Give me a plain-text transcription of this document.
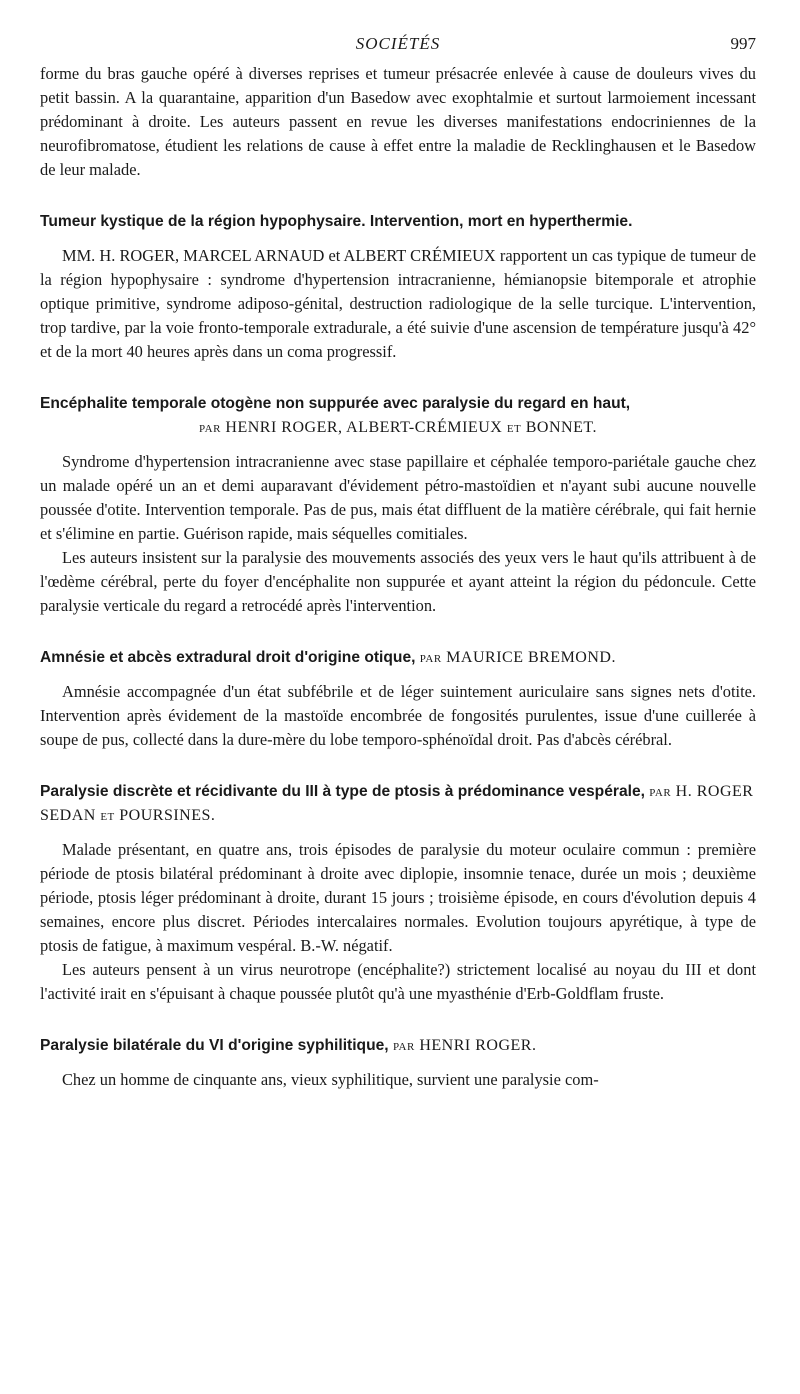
SOCIÉTÉS	997

forme du bras gauche opéré à diverses reprises et tumeur présacrée enlevée à cause de douleurs vives du petit bassin. A la quarantaine, apparition d'un Basedow avec exophtalmie et surtout larmoiement incessant prédominant à droite. Les auteurs passent en revue les diverses manifestations endocriniennes de la neurofibromatose, étudient les relations de cause à effet entre la maladie de Recklinghausen et le Basedow de leur malade.

Tumeur kystique de la région hypophysaire. Intervention, mort en hyperthermie.

MM. H. ROGER, MARCEL ARNAUD et ALBERT CRÉMIEUX rapportent un cas typique de tumeur de la région hypophysaire : syndrome d'hypertension intracranienne, hémianopsie bitemporale et atrophie optique primitive, syndrome adiposo-génital, destruction radiologique de la selle turcique. L'intervention, trop tardive, par la voie fronto-temporale extradurale, a été suivie d'une ascension de température jusqu'à 42° et de la mort 40 heures après dans un coma progressif.

Encéphalite temporale otogène non suppurée avec paralysie du regard en haut,
par HENRI ROGER, ALBERT-CRÉMIEUX et BONNET.

Syndrome d'hypertension intracranienne avec stase papillaire et céphalée temporo-pariétale gauche chez un malade opéré un an et demi auparavant d'évidement pétro-mastoïdien et n'ayant subi aucune nouvelle poussée d'otite. Intervention temporale. Pas de pus, mais état diffluent de la matière cérébrale, qui fait hernie et s'élimine en partie. Guérison rapide, mais séquelles comitiales.

Les auteurs insistent sur la paralysie des mouvements associés des yeux vers le haut qu'ils attribuent à de l'œdème cérébral, perte du foyer d'encéphalite non suppurée et ayant atteint la région du pédoncule. Cette paralysie verticale du regard a retrocédé après l'intervention.

Amnésie et abcès extradural droit d'origine otique, par MAURICE BREMOND.

Amnésie accompagnée d'un état subfébrile et de léger suintement auriculaire sans signes nets d'otite. Intervention après évidement de la mastoïde encombrée de fongosités purulentes, issue d'une cuillerée à soupe de pus, collecté dans la dure-mère du lobe temporo-sphénoïdal droit. Pas d'abcès cérébral.

Paralysie discrète et récidivante du III à type de ptosis à prédominance vespérale, par H. ROGER SEDAN et POURSINES.

Malade présentant, en quatre ans, trois épisodes de paralysie du moteur oculaire commun : première période de ptosis bilatéral prédominant à droite avec diplopie, insomnie tenace, durée un mois ; deuxième période, ptosis léger prédominant à droite, durant 15 jours ; troisième épisode, en cours d'évolution depuis 4 semaines, encore plus discret. Périodes intercalaires normales. Evolution toujours apyrétique, à type de ptosis de fatigue, à maximum vespéral. B.-W. négatif.

Les auteurs pensent à un virus neurotrope (encéphalite?) strictement localisé au noyau du III et dont l'activité irait en s'épuisant à chaque poussée plutôt qu'à une myasthénie d'Erb-Goldflam fruste.

Paralysie bilatérale du VI d'origine syphilitique, par HENRI ROGER.

Chez un homme de cinquante ans, vieux syphilitique, survient une paralysie com-
